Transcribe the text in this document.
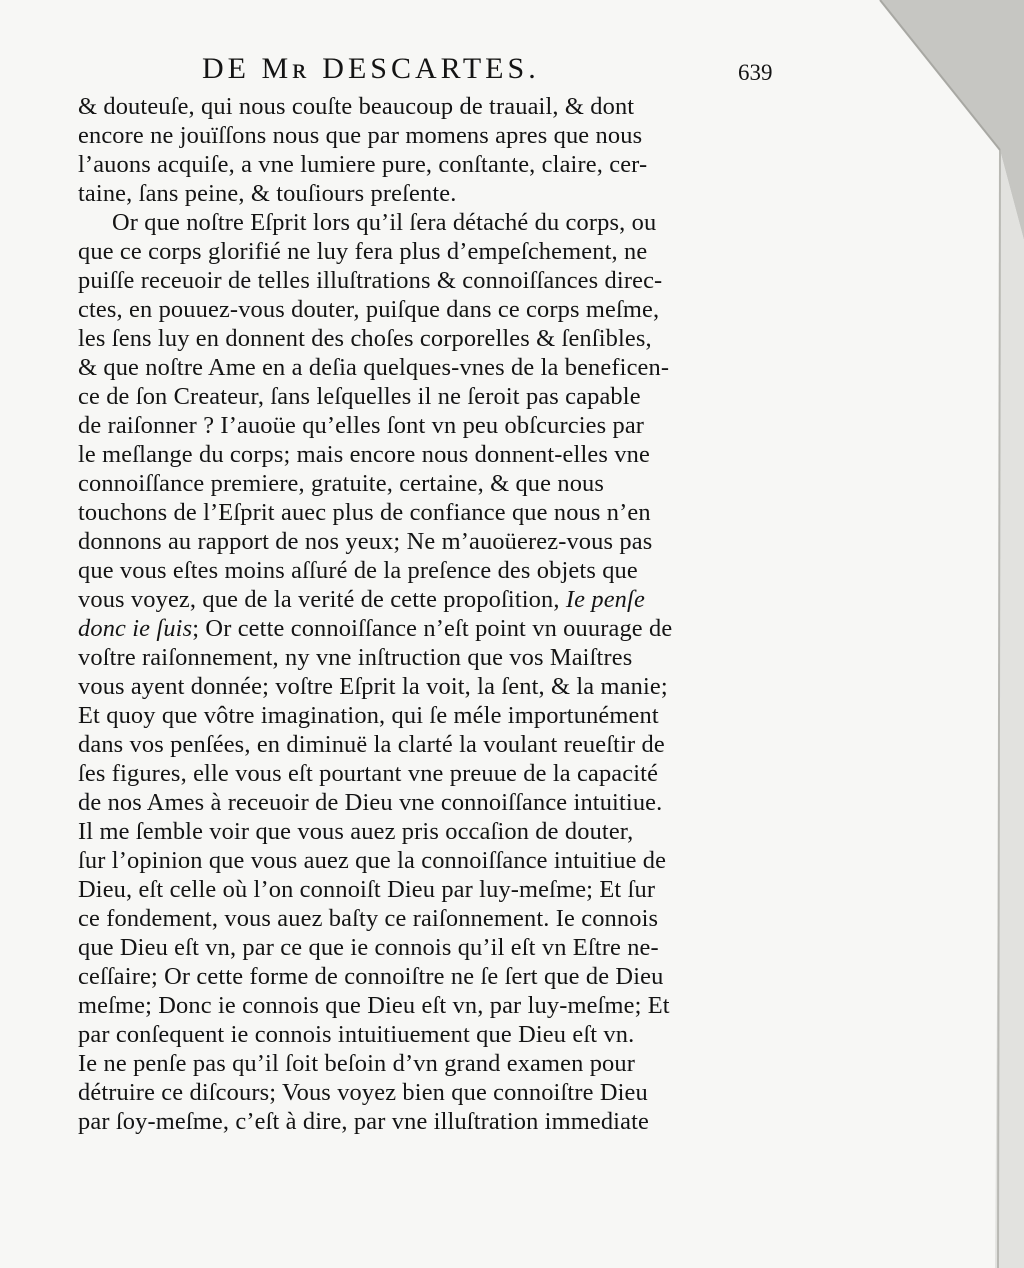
DE Mʀ DESCARTES.	639
& douteuſe, qui nous couſte beaucoup de trauail, & dont
encore ne jouïſſons nous que par momens apres que nous
l’auons acquiſe, a vne lumiere pure, conſtante, claire, cer-
taine, ſans peine, & touſiours preſente.
Or que noſtre Eſprit lors qu’il ſera détaché du corps, ou
que ce corps glorifié ne luy fera plus d’empeſchement, ne
puiſſe receuoir de telles illuſtrations & connoiſſances direc-
ctes, en pouuez-vous douter, puiſque dans ce corps meſme,
les ſens luy en donnent des choſes corporelles & ſenſibles,
& que noſtre Ame en a deſia quelques-vnes de la beneficen-
ce de ſon Createur, ſans leſquelles il ne ſeroit pas capable
de raiſonner ? I’auoüe qu’elles ſont vn peu obſcurcies par
le meſlange du corps; mais encore nous donnent-elles vne
connoiſſance premiere, gratuite, certaine, & que nous
touchons de l’Eſprit auec plus de confiance que nous n’en
donnons au rapport de nos yeux; Ne m’auoüerez-vous pas
que vous eſtes moins aſſuré de la preſence des objets que
vous voyez, que de la verité de cette propoſition, Ie penſe
donc ie ſuis; Or cette connoiſſance n’eſt point vn ouurage de
voſtre raiſonnement, ny vne inſtruction que vos Maiſtres
vous ayent donnée; voſtre Eſprit la voit, la ſent, & la manie;
Et quoy que vôtre imagination, qui ſe méle importunément
dans vos penſées, en diminuë la clarté la voulant reueſtir de
ſes figures, elle vous eſt pourtant vne preuue de la capacité
de nos Ames à receuoir de Dieu vne connoiſſance intuitiue.
Il me ſemble voir que vous auez pris occaſion de douter,
ſur l’opinion que vous auez que la connoiſſance intuitiue de
Dieu, eſt celle où l’on connoiſt Dieu par luy-meſme; Et ſur
ce fondement, vous auez baſty ce raiſonnement. Ie connois
que Dieu eſt vn, par ce que ie connois qu’il eſt vn Eſtre ne-
ceſſaire; Or cette forme de connoiſtre ne ſe ſert que de Dieu
meſme; Donc ie connois que Dieu eſt vn, par luy-meſme; Et
par conſequent ie connois intuitiuement que Dieu eſt vn.
Ie ne penſe pas qu’il ſoit beſoin d’vn grand examen pour
détruire ce diſcours; Vous voyez bien que connoiſtre Dieu
par ſoy-meſme, c’eſt à dire, par vne illuſtration immediate
